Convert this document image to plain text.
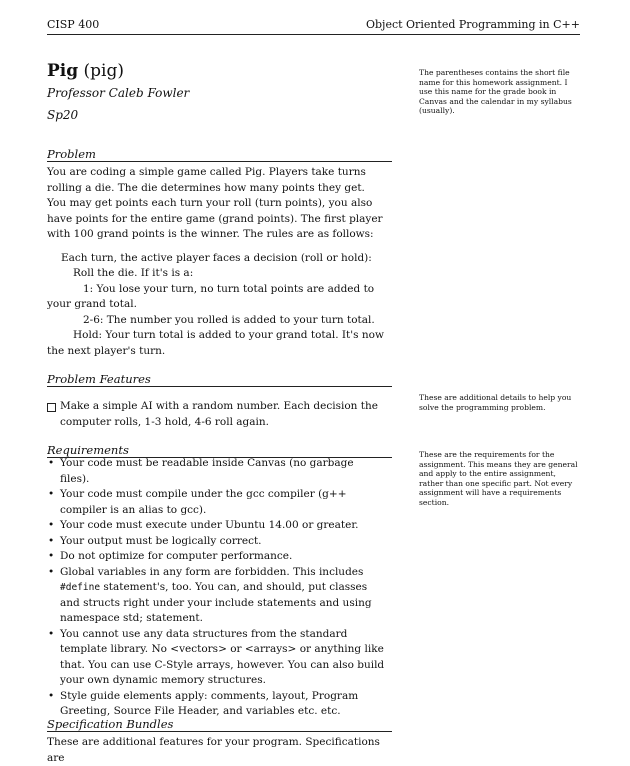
CISP 400	Object Oriented Programming in C++
Pig (pig)
Professor Caleb Fowler
Sp20
The parentheses contains the short file name for this homework assignment. I use this name for the grade book in Canvas and the calendar in my syllabus (usually).
Problem

You are coding a simple game called Pig. Players take turns rolling a die. The die determines how many points they get. You may get points each turn your roll (turn points), you also have points for the entire game (grand points). The first player with 100 grand points is the winner. The rules are as follows:

Each turn, the active player faces a decision (roll or hold):

Roll the die. If it's is a:

1: You lose your turn, no turn total points are added to your grand total.

2-6: The number you rolled is added to your turn total.

Hold: Your turn total is added to your grand total. It's now the next player's turn.

Problem Features
These are additional details to help you solve the programming problem.
Make a simple AI with a random number. Each decision the computer rolls, 1-3 hold, 4-6 roll again.
Requirements	These are the requirements for the assignment. This means they are general and apply to the entire assignment, rather than one specific part. Not every assignment will have a requirements section.
• Your code must be readable inside Canvas (no garbage files).
• Your code must compile under the gcc compiler (g++ compiler is an alias to gcc).
• Your code must execute under Ubuntu 14.00 or greater.
• Your output must be logically correct.
• Do not optimize for computer performance.
• Global variables in any form are forbidden. This includes #define statement's, too. You can, and should, put classes and structs right under your include statements and using namespace std; statement.
• You cannot use any data structures from the standard template library. No <vectors> or <arrays> or anything like that. You can use C-Style arrays, however. You can also build your own dynamic memory structures.
• Style guide elements apply: comments, layout, Program Greeting, Source File Header, and variables etc. etc.
Specification Bundles
These are additional features for your program. Specifications are
